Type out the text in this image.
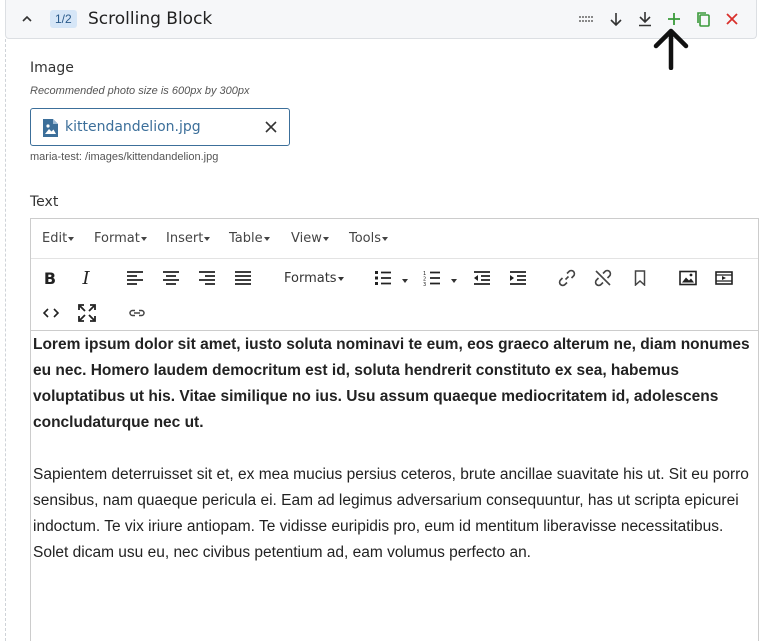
1/2 Scrolling Block
Image
Recommended photo size is 600px by 300px
kittendandelion.jpg
maria-test: /images/kittendandelion.jpg
Text
Edit	Format	Insert	Table	View	Tools
B	I	Formats	1
2
3

Lorem ipsum dolor sit amet, iusto soluta nominavi te eum, eos graeco alterum ne, diam nonumes eu nec. Homero laudem democritum est id, soluta hendrerit constituto ex sea, habemus voluptatibus ut his. Vitae similique no ius. Usu assum quaeque mediocritatem id, adolescens concludaturque nec ut.

Sapientem deterruisset sit et, ex mea mucius persius ceteros, brute ancillae suavitate his ut. Sit eu porro sensibus, nam quaeque pericula ei. Eam ad legimus adversarium consequuntur, has ut scripta epicurei indoctum. Te vix iriure antiopam. Te vidisse euripidis pro, eum id mentitum liberavisse necessitatibus. Solet dicam usu eu, nec civibus petentium ad, eam volumus perfecto an.
